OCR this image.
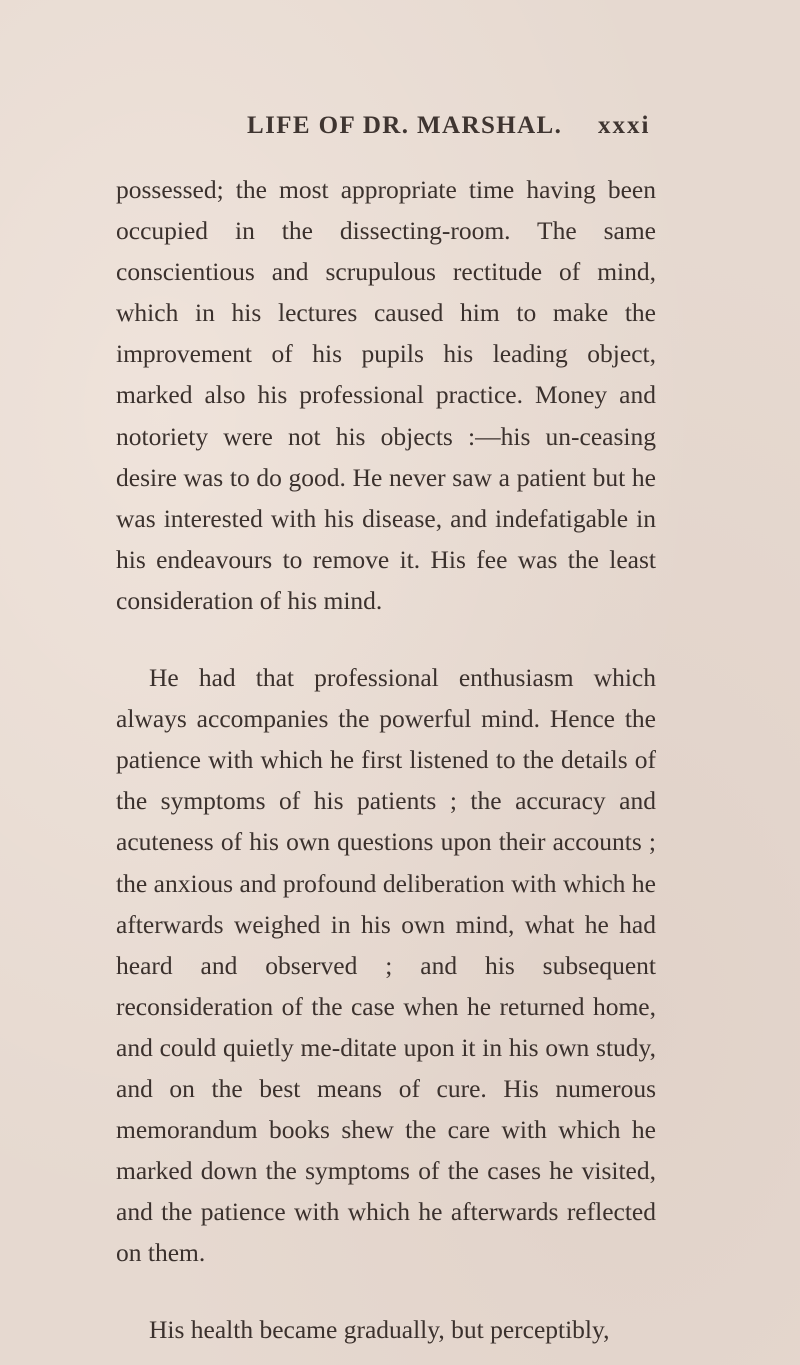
LIFE OF DR. MARSHAL. xxxi

possessed; the most appropriate time having been occupied in the dissecting-room. The same conscientious and scrupulous rectitude of mind, which in his lectures caused him to make the improvement of his pupils his leading object, marked also his professional practice. Money and notoriety were not his objects :—his un-ceasing desire was to do good. He never saw a patient but he was interested with his disease, and indefatigable in his endeavours to remove it. His fee was the least consideration of his mind.

He had that professional enthusiasm which always accompanies the powerful mind. Hence the patience with which he first listened to the details of the symptoms of his patients ; the accuracy and acuteness of his own questions upon their accounts ; the anxious and profound deliberation with which he afterwards weighed in his own mind, what he had heard and observed ; and his subsequent reconsideration of the case when he returned home, and could quietly me-ditate upon it in his own study, and on the best means of cure. His numerous memorandum books shew the care with which he marked down the symptoms of the cases he visited, and the patience with which he afterwards reflected on them.

His health became gradually, but perceptibly,
